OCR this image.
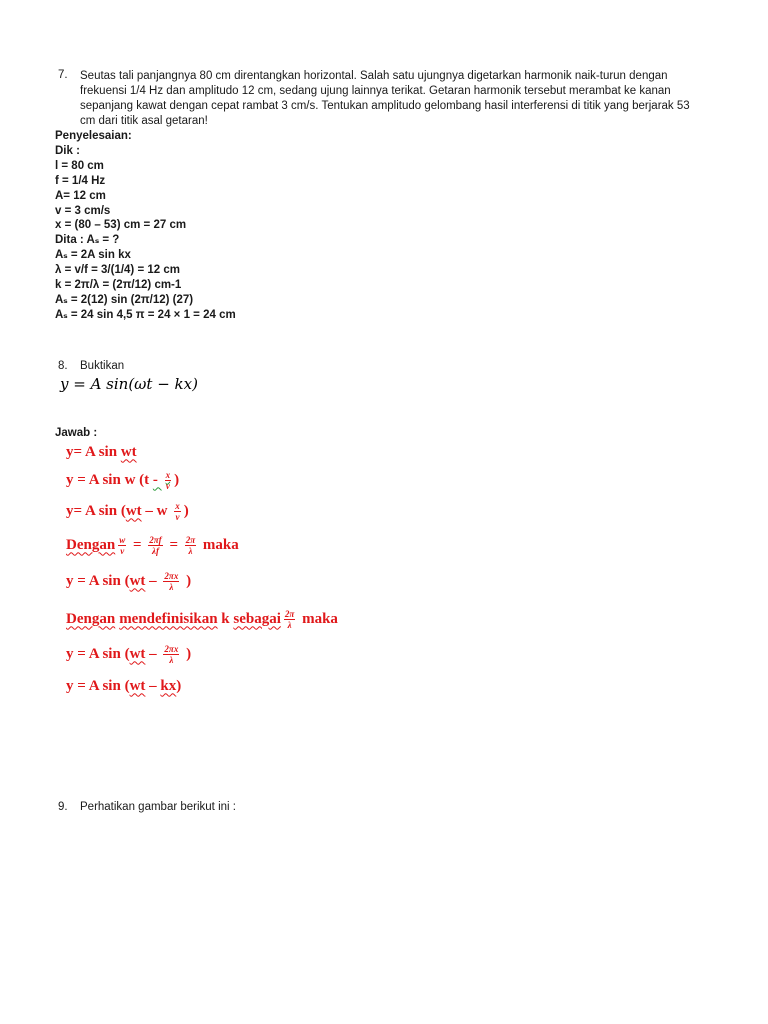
7. Seutas tali panjangnya 80 cm direntangkan horizontal. Salah satu ujungnya digetarkan harmonik naik-turun dengan
frekuensi 1/4 Hz dan amplitudo 12 cm, sedang ujung lainnya terikat. Getaran harmonik tersebut merambat ke kanan
sepanjang kawat dengan cepat rambat 3 cm/s. Tentukan amplitudo gelombang hasil interferensi di titik yang berjarak 53
cm dari titik asal getaran!
Penyelesaian:
Dik :
l = 80 cm
f = 1/4 Hz
A= 12 cm
v = 3 cm/s
x = (80 – 53) cm = 27 cm
Dita : Aₛ = ?
Aₛ = 2A sin kx
λ = v/f = 3/(1/4) = 12 cm
k = 2π/λ = (2π/12) cm-1
Aₛ = 2(12) sin (2π/12) (27)
Aₛ = 24 sin 4,5 π = 24 × 1 = 24 cm
8. Buktikan
y = A sin(ωt − kx)
Jawab :
y= A sin wt
y = A sin w ($t - \frac{x}{v}$ )
y= A sin ( wt – w $\frac{x}{v}$ )
Dengan $\frac{w}{v} = \frac{2\pi f}{\lambda f} = \frac{2\pi}{\lambda}$ maka
y = A sin ( wt – $\frac{2\pi x}{\lambda}$ )
Dengan mendefinisikan k sebagai $\frac{2\pi}{\lambda}$ maka
y = A sin ( wt – $\frac{2\pi x}{\lambda}$ )
y = A sin ( wt – kx )
9. Perhatikan gambar berikut ini :
